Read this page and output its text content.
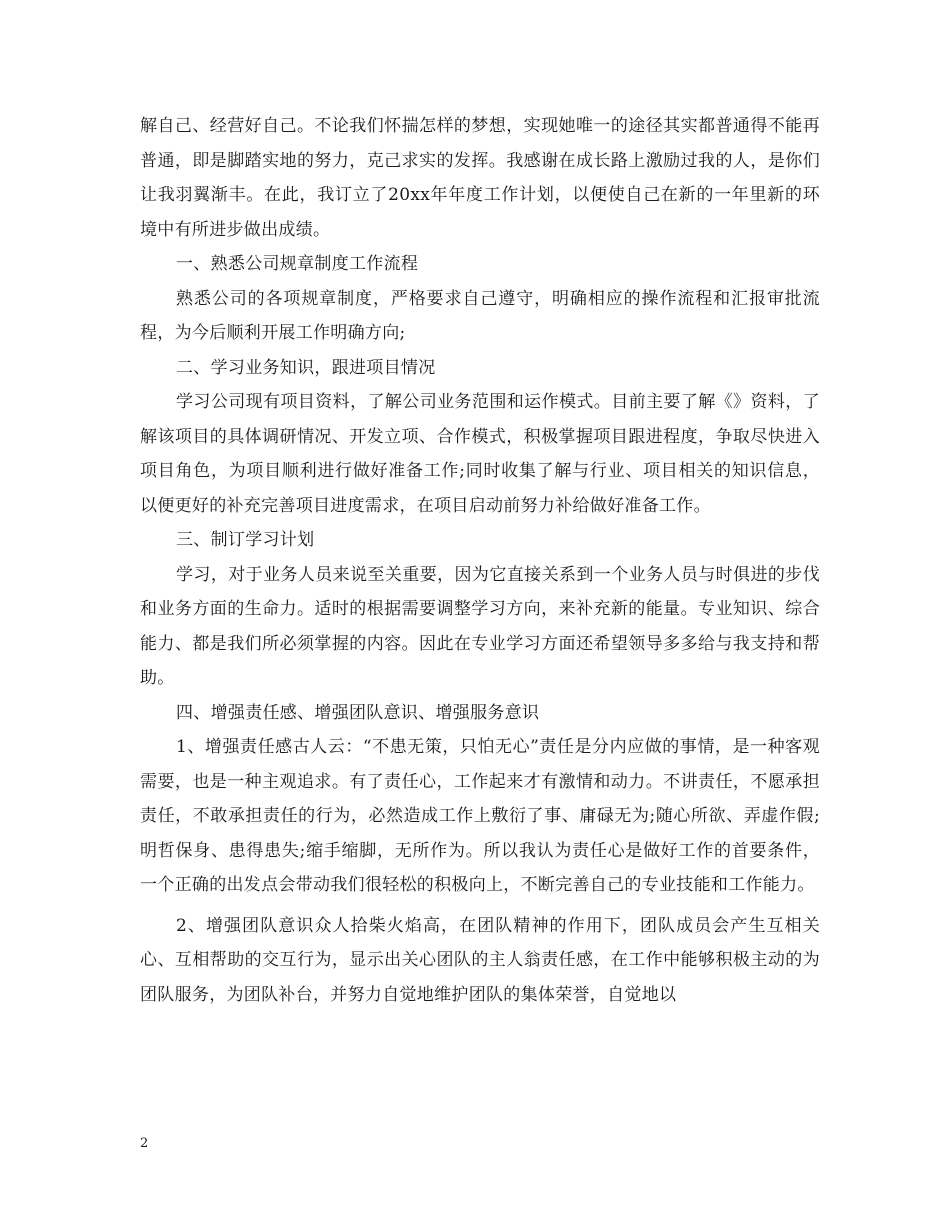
解自己、经营好自己。不论我们怀揣怎样的梦想，实现她唯一的途径其实都普通得不能再普通，即是脚踏实地的努力，克己求实的发挥。我感谢在成长路上激励过我的人，是你们让我羽翼渐丰。在此，我订立了20xx年年度工作计划，以便使自己在新的一年里新的环境中有所进步做出成绩。

一、熟悉公司规章制度工作流程

熟悉公司的各项规章制度，严格要求自己遵守，明确相应的操作流程和汇报审批流程，为今后顺利开展工作明确方向;

二、学习业务知识，跟进项目情况

学习公司现有项目资料，了解公司业务范围和运作模式。目前主要了解《》资料，了解该项目的具体调研情况、开发立项、合作模式，积极掌握项目跟进程度，争取尽快进入项目角色，为项目顺利进行做好准备工作;同时收集了解与行业、项目相关的知识信息，以便更好的补充完善项目进度需求，在项目启动前努力补给做好准备工作。

三、制订学习计划

学习，对于业务人员来说至关重要，因为它直接关系到一个业务人员与时俱进的步伐和业务方面的生命力。适时的根据需要调整学习方向，来补充新的能量。专业知识、综合能力、都是我们所必须掌握的内容。因此在专业学习方面还希望领导多多给与我支持和帮助。

四、增强责任感、增强团队意识、增强服务意识

1、增强责任感古人云：“不患无策，只怕无心”责任是分内应做的事情，是一种客观需要，也是一种主观追求。有了责任心，工作起来才有激情和动力。不讲责任，不愿承担责任，不敢承担责任的行为，必然造成工作上敷衍了事、庸碌无为;随心所欲、弄虚作假;明哲保身、患得患失;缩手缩脚，无所作为。所以我认为责任心是做好工作的首要条件，一个正确的出发点会带动我们很轻松的积极向上，不断完善自己的专业技能和工作能力。

2、增强团队意识众人拾柴火焰高，在团队精神的作用下，团队成员会产生互相关心、互相帮助的交互行为，显示出关心团队的主人翁责任感，在工作中能够积极主动的为团队服务，为团队补台，并努力自觉地维护团队的集体荣誉，自觉地以

2
